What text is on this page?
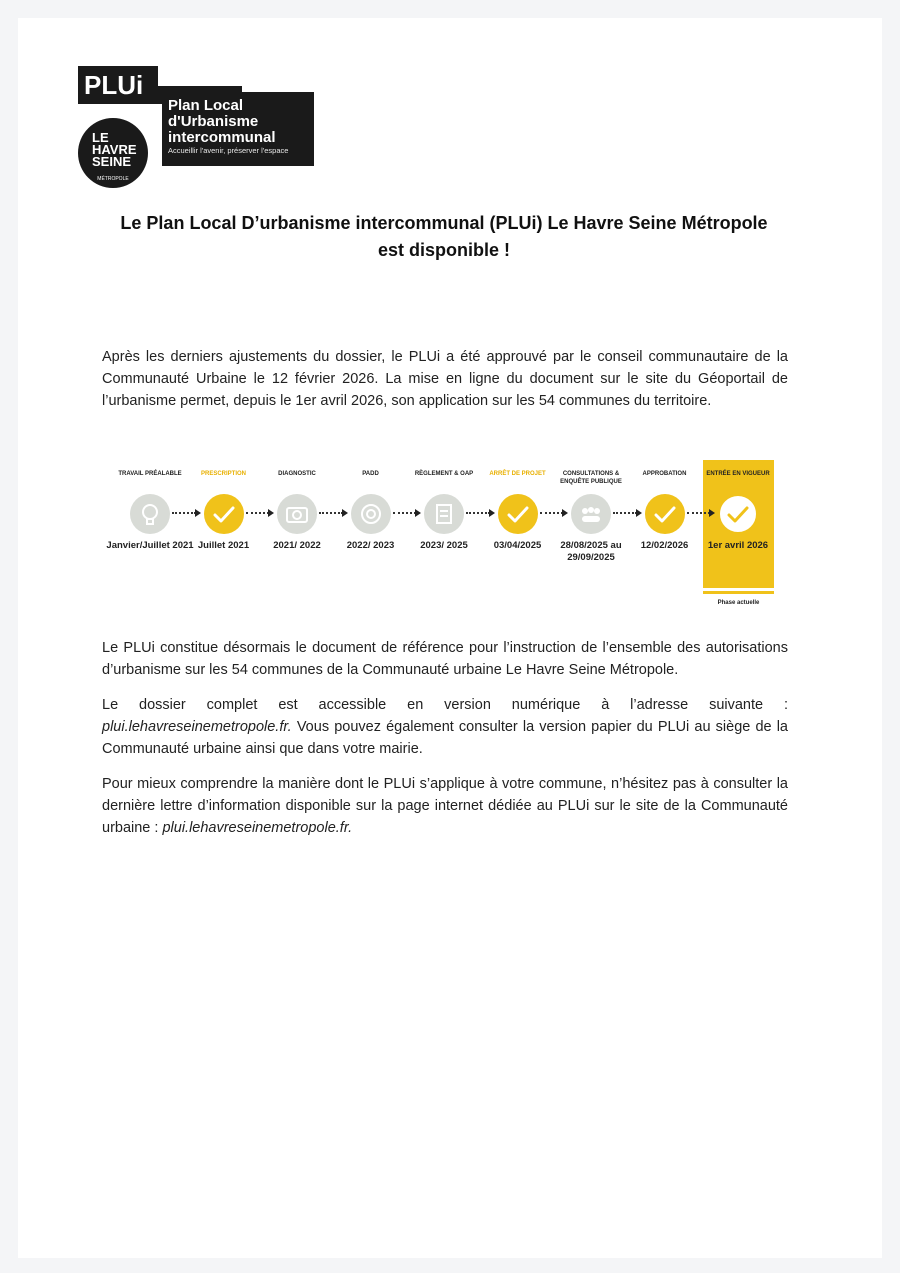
PLUi
Plan Local
d'Urbanisme
intercommunal
Accueillir l'avenir, préserver l'espace
LE
HAVRE
SEINE
MÉTROPOLE
Le Plan Local D’urbanisme intercommunal (PLUi) Le Havre Seine Métropole
est disponible !
Après les derniers ajustements du dossier, le PLUi a été approuvé par le conseil communautaire de la Communauté Urbaine le 12 février 2026. La mise en ligne du document sur le site du Géoportail de l’urbanisme permet, depuis le 1er avril 2026, son application sur les 54 communes du territoire.
Phase actuelle
TRAVAIL PRÉALABLE
Janvier/Juillet 2021
PRESCRIPTION
Juillet 2021
DIAGNOSTIC
2021/ 2022
PADD
2022/ 2023
RÈGLEMENT & OAP
2023/ 2025
ARRÊT DE PROJET
03/04/2025
CONSULTATIONS & ENQUÊTE PUBLIQUE
28/08/2025 au 29/09/2025
APPROBATION
12/02/2026
ENTRÉE EN VIGUEUR
1er avril 2026
Le PLUi constitue désormais le document de référence pour l’instruction de l’ensemble des autorisations d’urbanisme sur les 54 communes de la Communauté urbaine Le Havre Seine Métropole.
Le dossier complet est accessible en version numérique à l’adresse suivante : plui.lehavreseinemetropole.fr. Vous pouvez également consulter la version papier du PLUi au siège de la Communauté urbaine ainsi que dans votre mairie.
Pour mieux comprendre la manière dont le PLUi s’applique à votre commune, n’hésitez pas à consulter la dernière lettre d’information disponible sur la page internet dédiée au PLUi sur le site de la Communauté urbaine : plui.lehavreseinemetropole.fr.
